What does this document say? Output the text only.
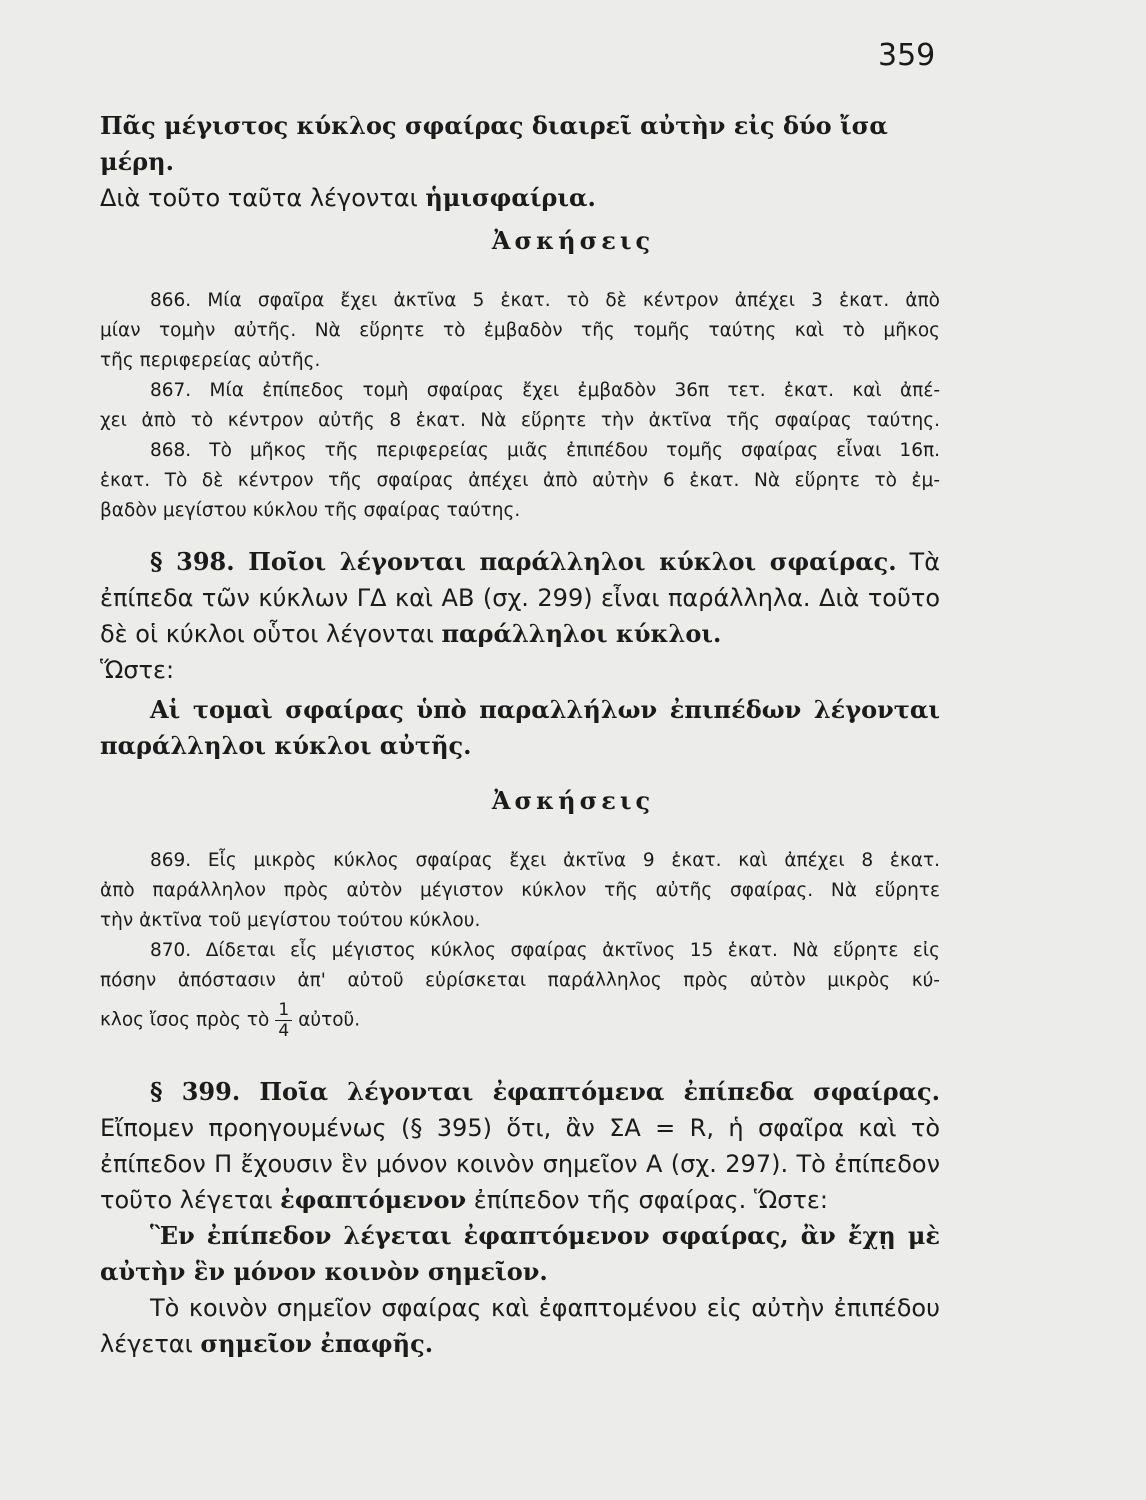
359
Πᾶς μέγιστος κύκλος σφαίρας διαιρεῖ αὐτὴν εἰς δύο ἴσα μέρη.
Διὰ τοῦτο ταῦτα λέγονται ἡμισφαίρια.
Ἀσκήσεις
866. Μία σφαῖρα ἔχει ἀκτῖνα 5 ἑκατ. τὸ δὲ κέντρον ἀπέχει 3 ἑκατ. ἀπὸ
μίαν τομὴν αὐτῆς. Νὰ εὕρητε τὸ ἐμβαδὸν τῆς τομῆς ταύτης καὶ τὸ μῆκος
τῆς περιφερείας αὐτῆς.
867. Μία ἐπίπεδος τομὴ σφαίρας ἔχει ἐμβαδὸν 36π τετ. ἑκατ. καὶ ἀπέ-
χει ἀπὸ τὸ κέντρον αὐτῆς 8 ἑκατ. Νὰ εὕρητε τὴν ἀκτῖνα τῆς σφαίρας ταύτης.
868. Τὸ μῆκος τῆς περιφερείας μιᾶς ἐπιπέδου τομῆς σφαίρας εἶναι 16π.
ἑκατ. Τὸ δὲ κέντρον τῆς σφαίρας ἀπέχει ἀπὸ αὐτὴν 6 ἑκατ. Νὰ εὕρητε τὸ ἐμ-
βαδὸν μεγίστου κύκλου τῆς σφαίρας ταύτης.
§ 398. Ποῖοι λέγονται παράλληλοι κύκλοι σφαίρας. Τὰ ἐπίπεδα τῶν κύκλων ΓΔ καὶ ΑΒ (σχ. 299) εἶναι παράλληλα. Διὰ τοῦτο δὲ οἱ κύκλοι οὗτοι λέγονται παράλληλοι κύκλοι.
Ὥστε:
Αἱ τομαὶ σφαίρας ὑπὸ παραλλήλων ἐπιπέδων λέγονται παράλληλοι κύκλοι αὐτῆς.
Ἀσκήσεις
869. Εἷς μικρὸς κύκλος σφαίρας ἔχει ἀκτῖνα 9 ἑκατ. καὶ ἀπέχει 8 ἑκατ.
ἀπὸ παράλληλον πρὸς αὐτὸν μέγιστον κύκλον τῆς αὐτῆς σφαίρας. Νὰ εὕρητε
τὴν ἀκτῖνα τοῦ μεγίστου τούτου κύκλου.
870. Δίδεται εἷς μέγιστος κύκλος σφαίρας ἀκτῖνος 15 ἑκατ. Νὰ εὕρητε εἰς
πόσην ἀπόστασιν ἀπ' αὐτοῦ εὑρίσκεται παράλληλος πρὸς αὐτὸν μικρὸς κύ-
κλος ἴσος πρὸς τὸ $\frac{1}{4}$ αὐτοῦ.
§ 399. Ποῖα λέγονται ἐφαπτόμενα ἐπίπεδα σφαίρας. Εἴπομεν προηγουμένως (§ 395) ὅτι, ἂν ΣΑ = R, ἡ σφαῖρα καὶ τὸ ἐπίπεδον Π ἔχουσιν ἓν μόνον κοινὸν σημεῖον Α (σχ. 297). Τὸ ἐπίπεδον τοῦτο λέγεται ἐφαπτόμενον ἐπίπεδον τῆς σφαίρας. Ὥστε:
Ἓν ἐπίπεδον λέγεται ἐφαπτόμενον σφαίρας, ἂν ἔχῃ μὲ αὐτὴν ἓν μόνον κοινὸν σημεῖον.
Τὸ κοινὸν σημεῖον σφαίρας καὶ ἐφαπτομένου εἰς αὐτὴν ἐπιπέδου λέγεται σημεῖον ἐπαφῆς.
